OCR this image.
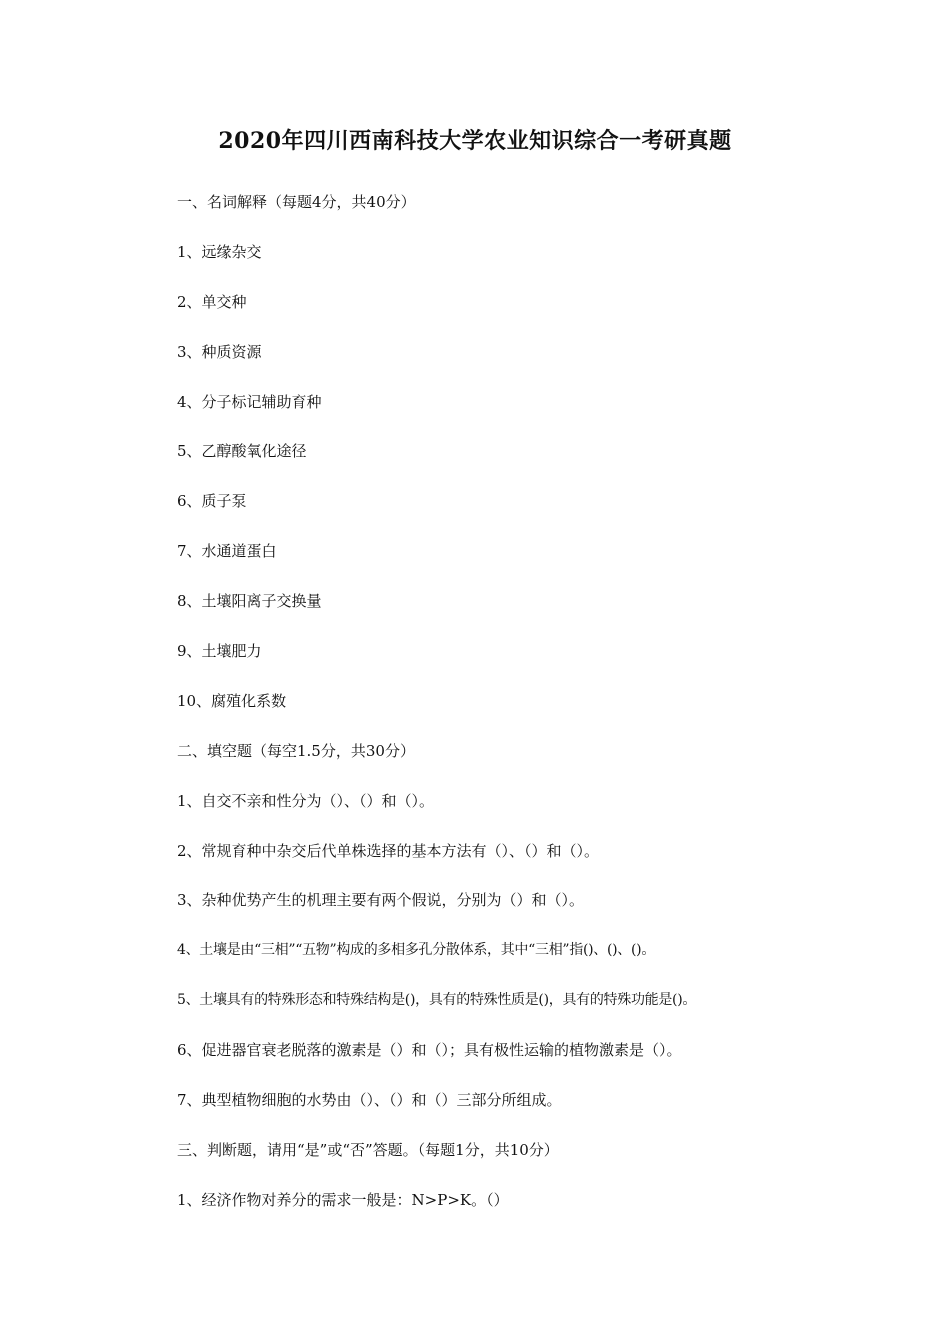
2020年四川西南科技大学农业知识综合一考研真题
一、名词解释（每题4分，共40分）
1、远缘杂交
2、单交种
3、种质资源
4、分子标记辅助育种
5、乙醇酸氧化途径
6、质子泵
7、水通道蛋白
8、土壤阳离子交换量
9、土壤肥力
10、腐殖化系数
二、填空题（每空1.5分，共30分）
1、自交不亲和性分为（）、（）和（）。
2、常规育种中杂交后代单株选择的基本方法有（）、（）和（）。
3、杂种优势产生的机理主要有两个假说，分别为（）和（）。
4、土壤是由“三相”“五物”构成的多相多孔分散体系，其中“三相”指()、()、()。
5、土壤具有的特殊形态和特殊结构是()，具有的特殊性质是()，具有的特殊功能是()。
6、促进器官衰老脱落的激素是（）和（）；具有极性运输的植物激素是（）。
7、典型植物细胞的水势由（）、（）和（）三部分所组成。
三、判断题，请用“是”或“否”答题。（每题1分，共10分）
1、经济作物对养分的需求一般是：N>P>K。（）
